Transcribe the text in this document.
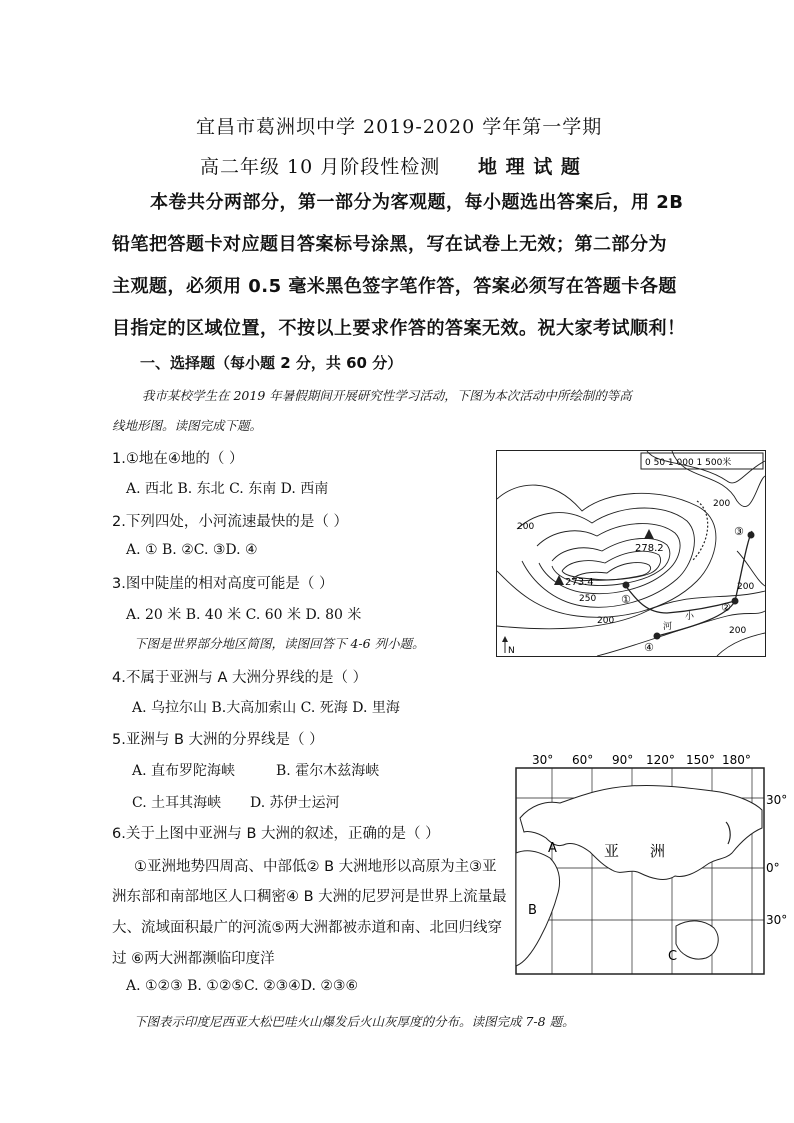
宜昌市葛洲坝中学 2019-2020 学年第一学期
高二年级 10 月阶段性检测 地 理 试 题
本卷共分两部分，第一部分为客观题，每小题选出答案后，用 2B
铅笔把答题卡对应题目答案标号涂黑，写在试卷上无效；第二部分为
主观题，必须用 0.5 毫米黑色签字笔作答，答案必须写在答题卡各题
目指定的区域位置，不按以上要求作答的答案无效。祝大家考试顺利！
一、选择题（每小题 2 分，共 60 分）
我市某校学生在 2019 年暑假期间开展研究性学习活动，下图为本次活动中所绘制的等高
线地形图。读图完成下题。
1.①地在④地的（ ）
A. 西北 B. 东北 C. 东南 D. 西南
2.下列四处，小河流速最快的是（ ）
A. ① B. ②C. ③D. ④
3.图中陡崖的相对高度可能是（ ）
A. 20 米 B. 40 米 C. 60 米 D. 80 米
下图是世界部分地区简图，读图回答下 4-6 列小题。
4.不属于亚洲与 A 大洲分界线的是（ ）
A. 乌拉尔山 B.大高加索山 C. 死海 D. 里海
5.亚洲与 B 大洲的分界线是（ ）
A. 直布罗陀海峡	B. 霍尔木兹海峡
C. 土耳其海峡 D. 苏伊士运河
6.关于上图中亚洲与 B 大洲的叙述，正确的是（ ）
①亚洲地势四周高、中部低② B 大洲地形以高原为主③亚
洲东部和南部地区人口稠密④ B 大洲的尼罗河是世界上流量最
大、流域面积最广的河流⑤两大洲都被赤道和南、北回归线穿
过 ⑥两大洲都濒临印度洋
A. ①②③ B. ①②⑤C. ②③④D. ②③⑥
下图表示印度尼西亚大松巴哇火山爆发后火山灰厚度的分布。读图完成 7-8 题。
0 50 1 000 1 500米
278.2
273.4
250
200
200
200
200
200
①
②
③
④
小
河
N
30° 60° 90° 120° 150° 180°
30°
0°
30°
亚 洲
A
B
C
